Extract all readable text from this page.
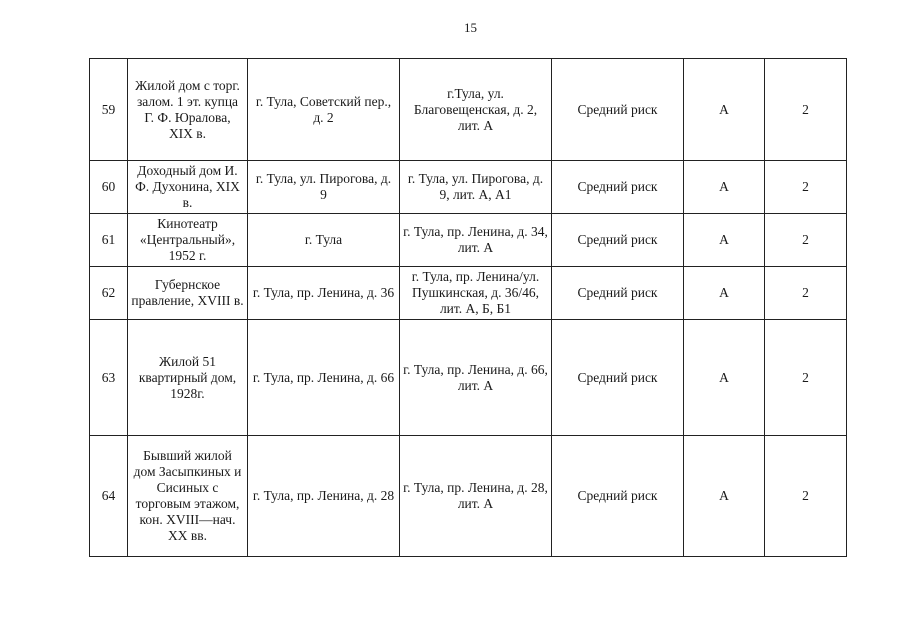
15
59	Жилой дом с торг. залом. 1 эт. купца Г. Ф. Юралова, XIX в.	г. Тула, Советский пер., д. 2	г.Тула, ул. Благовещенская, д. 2, лит. А	Средний риск	А	2
60	Доходный дом И. Ф. Духонина, XIX в.	г. Тула, ул. Пирогова, д. 9	г. Тула, ул. Пирогова, д. 9, лит. А, А1	Средний риск	А	2
61	Кинотеатр «Центральный», 1952 г.	г. Тула	г. Тула, пр. Ленина, д. 34, лит. А	Средний риск	А	2
62	Губернское правление, XVIII в.	г. Тула, пр. Ленина, д. 36	г. Тула, пр. Ленина/ул. Пушкинская, д. 36/46, лит. А, Б, Б1	Средний риск	А	2
63	Жилой 51 квартирный дом, 1928г.	г. Тула, пр. Ленина, д. 66	г. Тула, пр. Ленина, д. 66, лит. А	Средний риск	А	2
64	Бывший жилой дом Засыпкиных и Сисиных с торговым этажом, кон. XVIII—нач. XX вв.	г. Тула, пр. Ленина, д. 28	г. Тула, пр. Ленина, д. 28, лит. А	Средний риск	А	2
